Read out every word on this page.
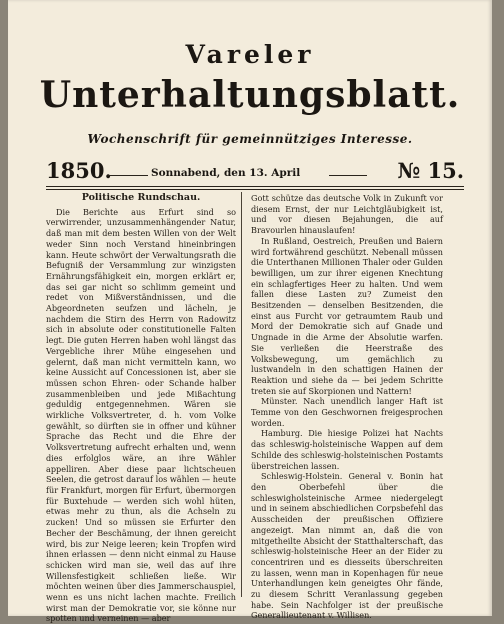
Vareler
Unterhaltungsblatt.
Wochenschrift für gemeinnütziges Interesse.
1850.	Sonnabend, den 13. April	№ 15.
Politische Rundschau.

Die Berichte aus Erfurt sind so verwirrender, unzusammenhängender Natur, daß man mit dem besten Willen von der Welt weder Sinn noch Verstand hineinbringen kann. Heute schwört der Verwaltungsrath die Befugniß der Versammlung zur winzigsten Ernährungsfähigkeit ein, morgen erklärt er, das sei gar nicht so schlimm gemeint und redet von Mißverständnissen, und die Abgeordneten seufzen und lächeln, je nachdem die Stirn des Herrn von Radowitz sich in absolute oder constitutionelle Falten legt. Die guten Herren haben wohl längst das Vergebliche ihrer Mühe eingesehen und gelernt, daß man nicht vermitteln kann, wo keine Aussicht auf Concessionen ist, aber sie müssen schon Ehren- oder Schande halber zusammenbleiben und jede Mißachtung geduldig entgegennehmen. Wären sie wirkliche Volksvertreter, d. h. vom Volke gewählt, so dürften sie in offner und kühner Sprache das Recht und die Ehre der Volksvertretung aufrecht erhalten und, wenn dies erfolglos wäre, an ihre Wähler appelliren. Aber diese paar lichtscheuen Seelen, die getrost darauf los wählen — heute für Frankfurt, morgen für Erfurt, übermorgen für Buxtehude — werden sich wohl hüten, etwas mehr zu thun, als die Achseln zu zucken! Und so müssen sie Erfurter den Becher der Beschämung, der ihnen gereicht wird, bis zur Neige leeren; kein Tropfen wird ihnen erlassen — denn nicht einmal zu Hause schicken wird man sie, weil das auf ihre Willensfestigkeit schließen ließe. Wir möchten weinen über dies Jammerschauspiel, wenn es uns nicht lachen machte. Freilich wirst man der Demokratie vor, sie könne nur spotten und verneinen — aber

Gott schütze das deutsche Volk in Zukunft vor diesem Ernst, der nur Leichtgläubigkeit ist, und vor diesen Bejahungen, die auf Bravourlen hinauslaufen!

In Rußland, Oestreich, Preußen und Baiern wird fortwährend geschützt. Nebenall müssen die Unterthanen Millionen Thaler oder Gulden bewilligen, um zur ihrer eigenen Knechtung ein schlagfertiges Heer zu halten. Und wem fallen diese Lasten zu? Zumeist den Besitzenden — denselben Besitzenden, die einst aus Furcht vor getraumtem Raub und Mord der Demokratie sich auf Gnade und Ungnade in die Arme der Absolutie warfen. Sie verließen die Heerstraße des Volksbewegung, um gemächlich zu lustwandeln in den schattigen Hainen der Reaktion und siehe da — bei jedem Schritte treten sie auf Skorpionen und Nattern!

Münster. Nach unendlich langer Haft ist Temme von den Geschwornen freigesprochen worden.

Hamburg. Die hiesige Polizei hat Nachts das schleswig-holsteinische Wappen auf dem Schilde des schleswig-holsteinischen Postamts überstreichen lassen.

Schleswig-Holstein. General v. Bonin hat den Oberbefehl über die schleswigholsteinische Armee niedergelegt und in seinem abschiedlichen Corpsbefehl das Ausscheiden der preußischen Offiziere angezeigt. Man nimmt an, daß die von mitgetheilte Absicht der Statthalterschaft, das schleswig-holsteinische Heer an der Eider zu concentriren und es diesseits überschreiten zu lassen, wenn man in Kopenhagen für neue Unterhandlungen kein geneigtes Ohr fände, zu diesem Schritt Veranlassung gegeben habe. Sein Nachfolger ist der preußische Generallieutenant v. Willisen.
